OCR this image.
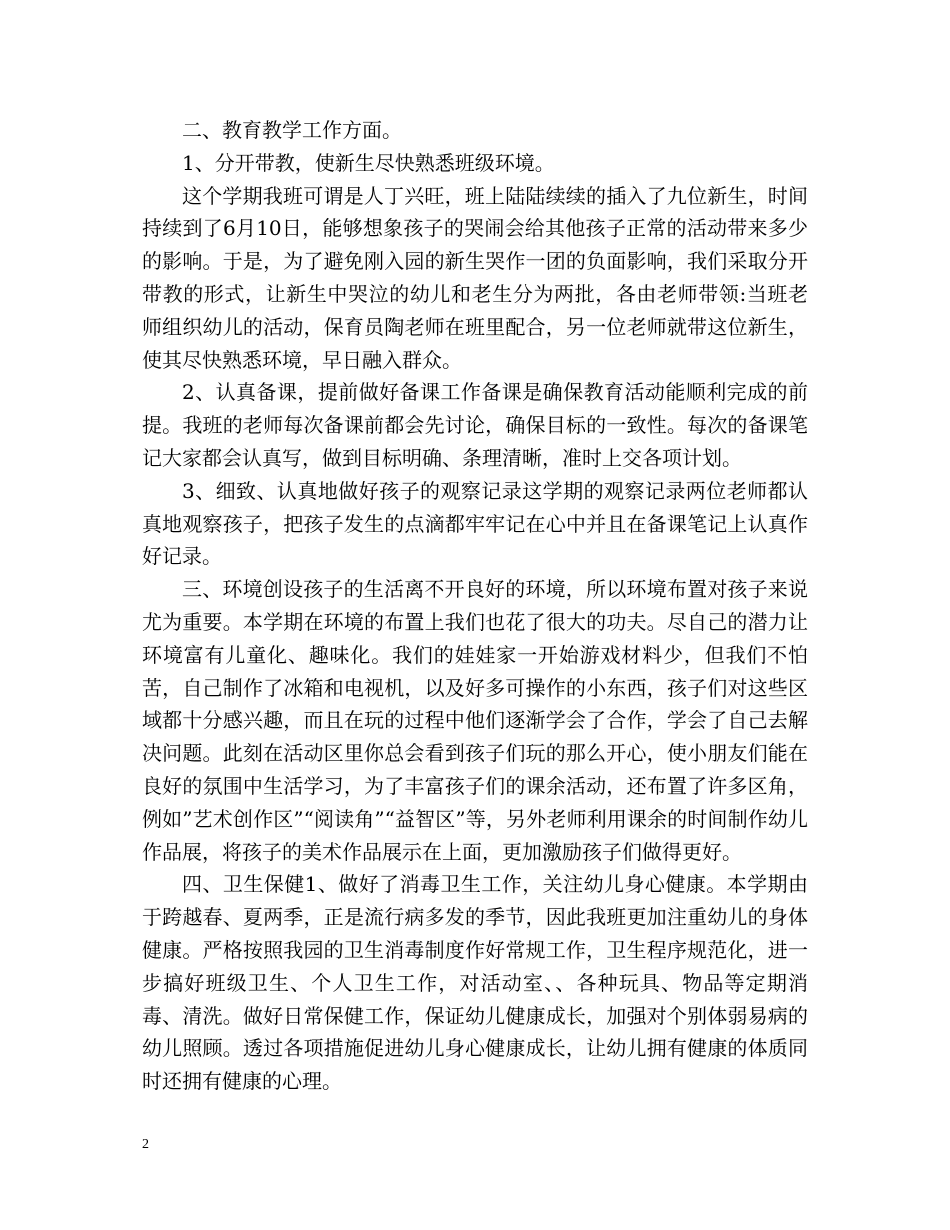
二、教育教学工作方面。

1、分开带教，使新生尽快熟悉班级环境。

这个学期我班可谓是人丁兴旺，班上陆陆续续的插入了九位新生，时间持续到了6月10日，能够想象孩子的哭闹会给其他孩子正常的活动带来多少的影响。于是，为了避免刚入园的新生哭作一团的负面影响，我们采取分开带教的形式，让新生中哭泣的幼儿和老生分为两批，各由老师带领:当班老师组织幼儿的活动，保育员陶老师在班里配合，另一位老师就带这位新生，使其尽快熟悉环境，早日融入群众。

2、认真备课，提前做好备课工作备课是确保教育活动能顺利完成的前提。我班的老师每次备课前都会先讨论，确保目标的一致性。每次的备课笔记大家都会认真写，做到目标明确、条理清晰，准时上交各项计划。

3、细致、认真地做好孩子的观察记录这学期的观察记录两位老师都认真地观察孩子，把孩子发生的点滴都牢牢记在心中并且在备课笔记上认真作好记录。

三、环境创设孩子的生活离不开良好的环境，所以环境布置对孩子来说尤为重要。本学期在环境的布置上我们也花了很大的功夫。尽自己的潜力让环境富有儿童化、趣味化。我们的娃娃家一开始游戏材料少，但我们不怕苦，自己制作了冰箱和电视机，以及好多可操作的小东西，孩子们对这些区域都十分感兴趣，而且在玩的过程中他们逐渐学会了合作，学会了自己去解决问题。此刻在活动区里你总会看到孩子们玩的那么开心，使小朋友们能在良好的氛围中生活学习，为了丰富孩子们的课余活动，还布置了许多区角，例如”艺术创作区”“阅读角”“益智区”等，另外老师利用课余的时间制作幼儿作品展，将孩子的美术作品展示在上面，更加激励孩子们做得更好。

四、卫生保健1、做好了消毒卫生工作，关注幼儿身心健康。本学期由于跨越春、夏两季，正是流行病多发的季节，因此我班更加注重幼儿的身体健康。严格按照我园的卫生消毒制度作好常规工作，卫生程序规范化，进一步搞好班级卫生、个人卫生工作，对活动室、、各种玩具、物品等定期消毒、清洗。做好日常保健工作，保证幼儿健康成长，加强对个别体弱易病的幼儿照顾。透过各项措施促进幼儿身心健康成长，让幼儿拥有健康的体质同时还拥有健康的心理。

2
